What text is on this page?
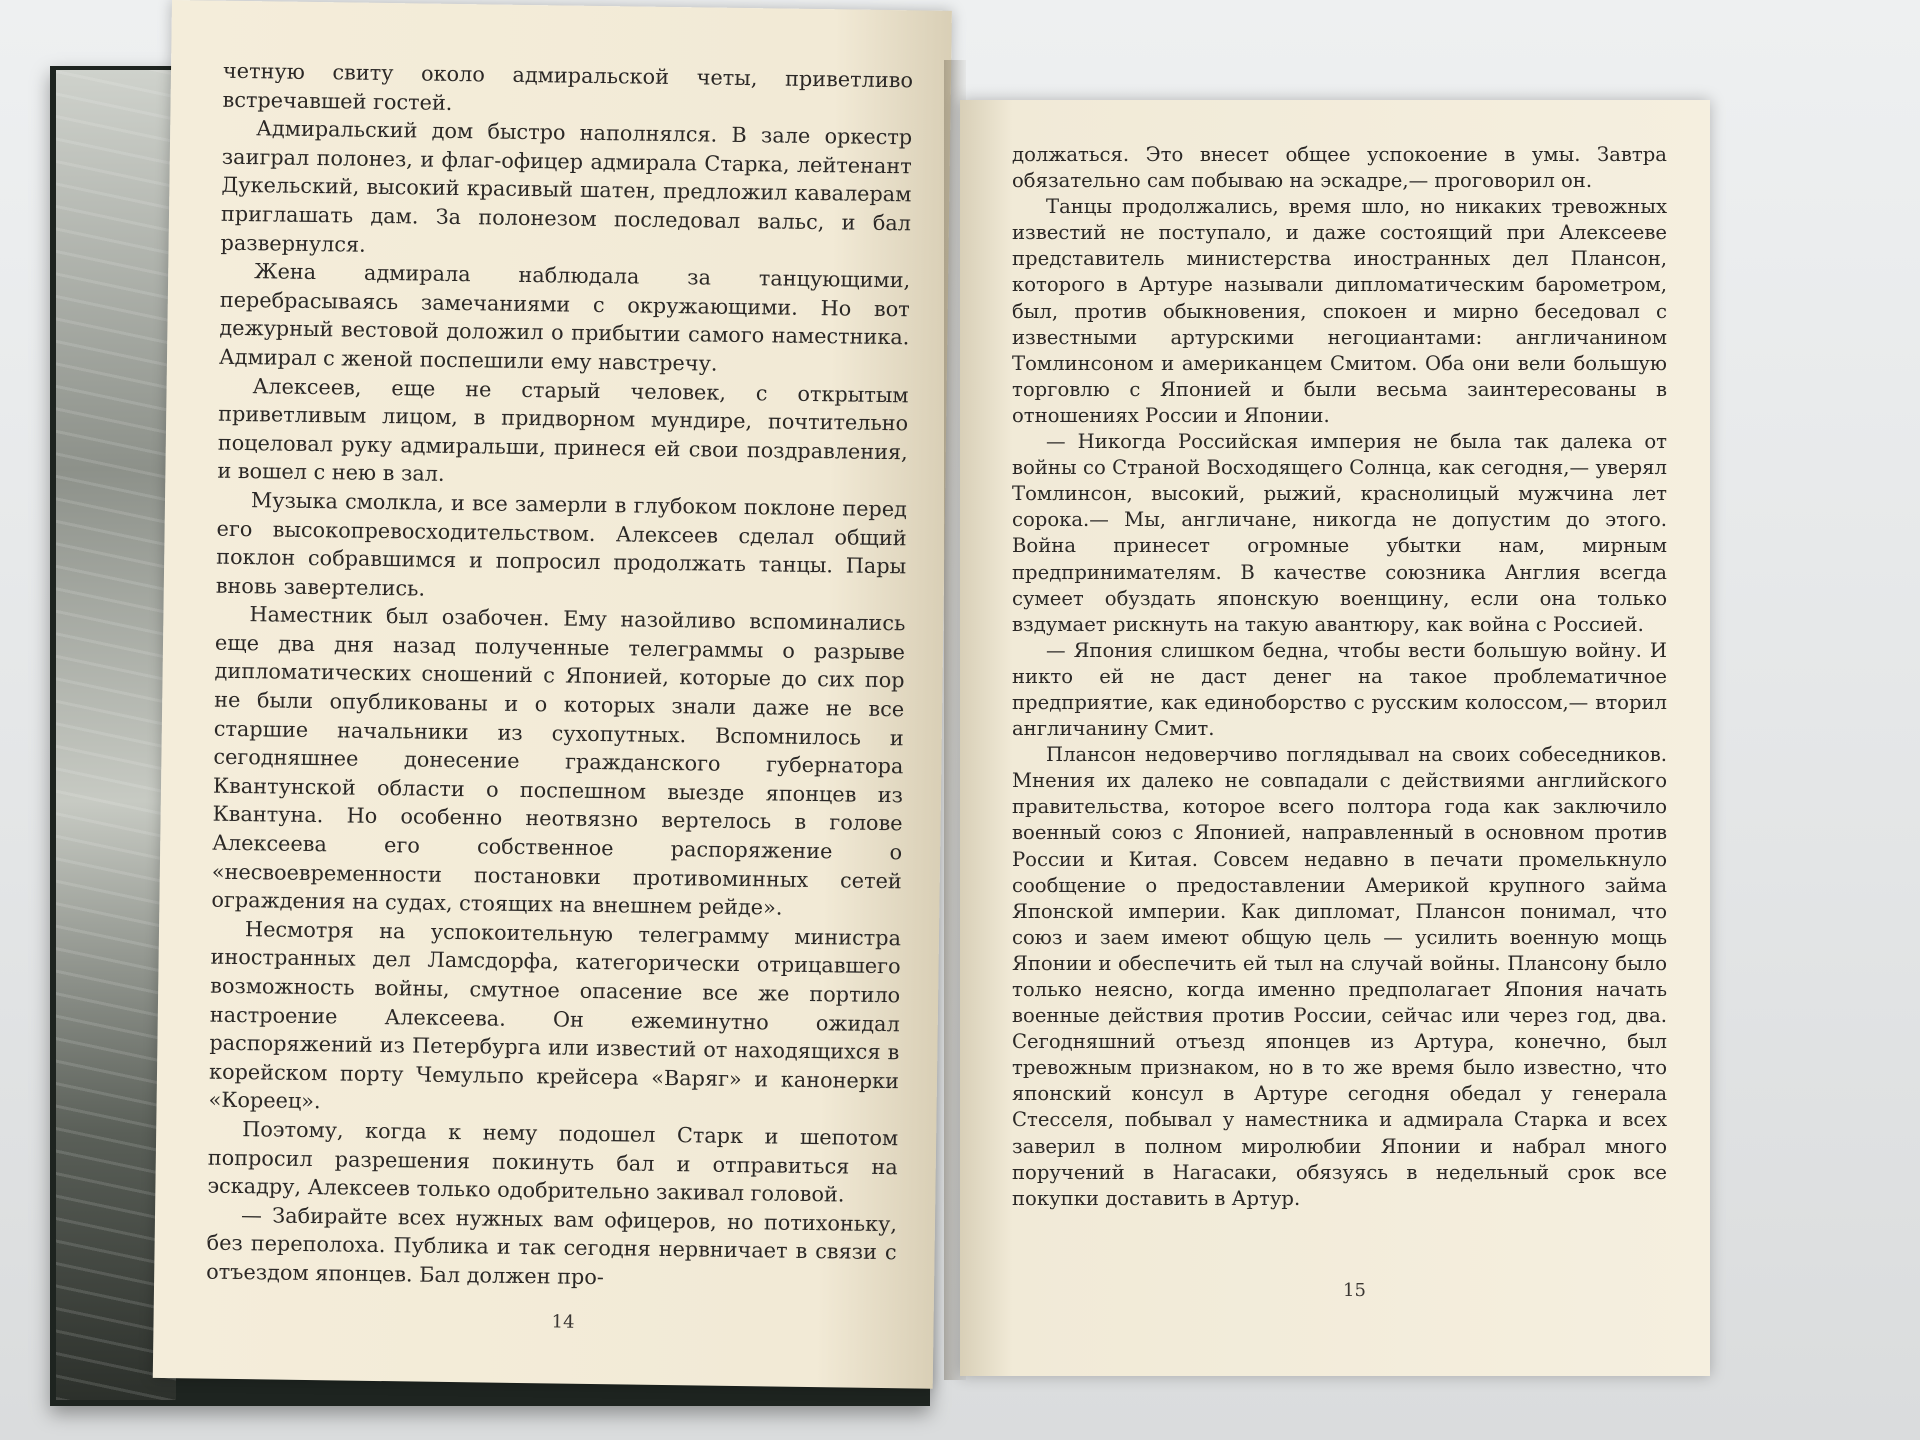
четную свиту около адмиральской четы, приветливо встречавшей гостей.

Адмиральский дом быстро наполнялся. В зале оркестр заиграл полонез, и флаг-офицер адмирала Старка, лейтенант Дукельский, высокий красивый шатен, предложил кавалерам приглашать дам. За полонезом последовал вальс, и бал развернулся.

Жена адмирала наблюдала за танцующими, перебрасываясь замечаниями с окружающими. Но вот дежурный вестовой доложил о прибытии самого наместника. Адмирал с женой поспешили ему навстречу.

Алексеев, еще не старый человек, с открытым приветливым лицом, в придворном мундире, почтительно поцеловал руку адмиральши, принеся ей свои поздравления, и вошел с нею в зал.

Музыка смолкла, и все замерли в глубоком поклоне перед его высокопревосходительством. Алексеев сделал общий поклон собравшимся и попросил продолжать танцы. Пары вновь завертелись.

Наместник был озабочен. Ему назойливо вспоминались еще два дня назад полученные телеграммы о разрыве дипломатических сношений с Японией, которые до сих пор не были опубликованы и о которых знали даже не все старшие начальники из сухопутных. Вспомнилось и сегодняшнее донесение гражданского губернатора Квантунской области о поспешном выезде японцев из Квантуна. Но особенно неотвязно вертелось в голове Алексеева его собственное распоряжение о «несвоевременности постановки противоминных сетей ограждения на судах, стоящих на внешнем рейде».

Несмотря на успокоительную телеграмму министра иностранных дел Ламсдорфа, категорически отрицавшего возможность войны, смутное опасение все же портило настроение Алексеева. Он ежеминутно ожидал распоряжений из Петербурга или известий от находящихся в корейском порту Чемульпо крейсера «Варяг» и канонерки «Кореец».

Поэтому, когда к нему подошел Старк и шепотом попросил разрешения покинуть бал и отправиться на эскадру, Алексеев только одобрительно закивал головой.

— Забирайте всех нужных вам офицеров, но потихоньку, без переполоха. Публика и так сегодня нервничает в связи с отъездом японцев. Бал должен про-

14

должаться. Это внесет общее успокоение в умы. Завтра обязательно сам побываю на эскадре,— проговорил он.

Танцы продолжались, время шло, но никаких тревожных известий не поступало, и даже состоящий при Алексееве представитель министерства иностранных дел Плансон, которого в Артуре называли дипломатическим барометром, был, против обыкновения, спокоен и мирно беседовал с известными артурскими негоциантами: англичанином Томлинсоном и американцем Смитом. Оба они вели большую торговлю с Японией и были весьма заинтересованы в отношениях России и Японии.

— Никогда Российская империя не была так далека от войны со Страной Восходящего Солнца, как сегодня,— уверял Томлинсон, высокий, рыжий, краснолицый мужчина лет сорока.— Мы, англичане, никогда не допустим до этого. Война принесет огромные убытки нам, мирным предпринимателям. В качестве союзника Англия всегда сумеет обуздать японскую военщину, если она только вздумает рискнуть на такую авантюру, как война с Россией.

— Япония слишком бедна, чтобы вести большую войну. И никто ей не даст денег на такое проблематичное предприятие, как единоборство с русским колоссом,— вторил англичанину Смит.

Плансон недоверчиво поглядывал на своих собеседников. Мнения их далеко не совпадали с действиями английского правительства, которое всего полтора года как заключило военный союз с Японией, направленный в основном против России и Китая. Совсем недавно в печати промелькнуло сообщение о предоставлении Америкой крупного займа Японской империи. Как дипломат, Плансон понимал, что союз и заем имеют общую цель — усилить военную мощь Японии и обеспечить ей тыл на случай войны. Плансону было только неясно, когда именно предполагает Япония начать военные действия против России, сейчас или через год, два. Сегодняшний отъезд японцев из Артура, конечно, был тревожным признаком, но в то же время было известно, что японский консул в Артуре сегодня обедал у генерала Стесселя, побывал у наместника и адмирала Старка и всех заверил в полном миролюбии Японии и набрал много поручений в Нагасаки, обязуясь в недельный срок все покупки доставить в Артур.

15
